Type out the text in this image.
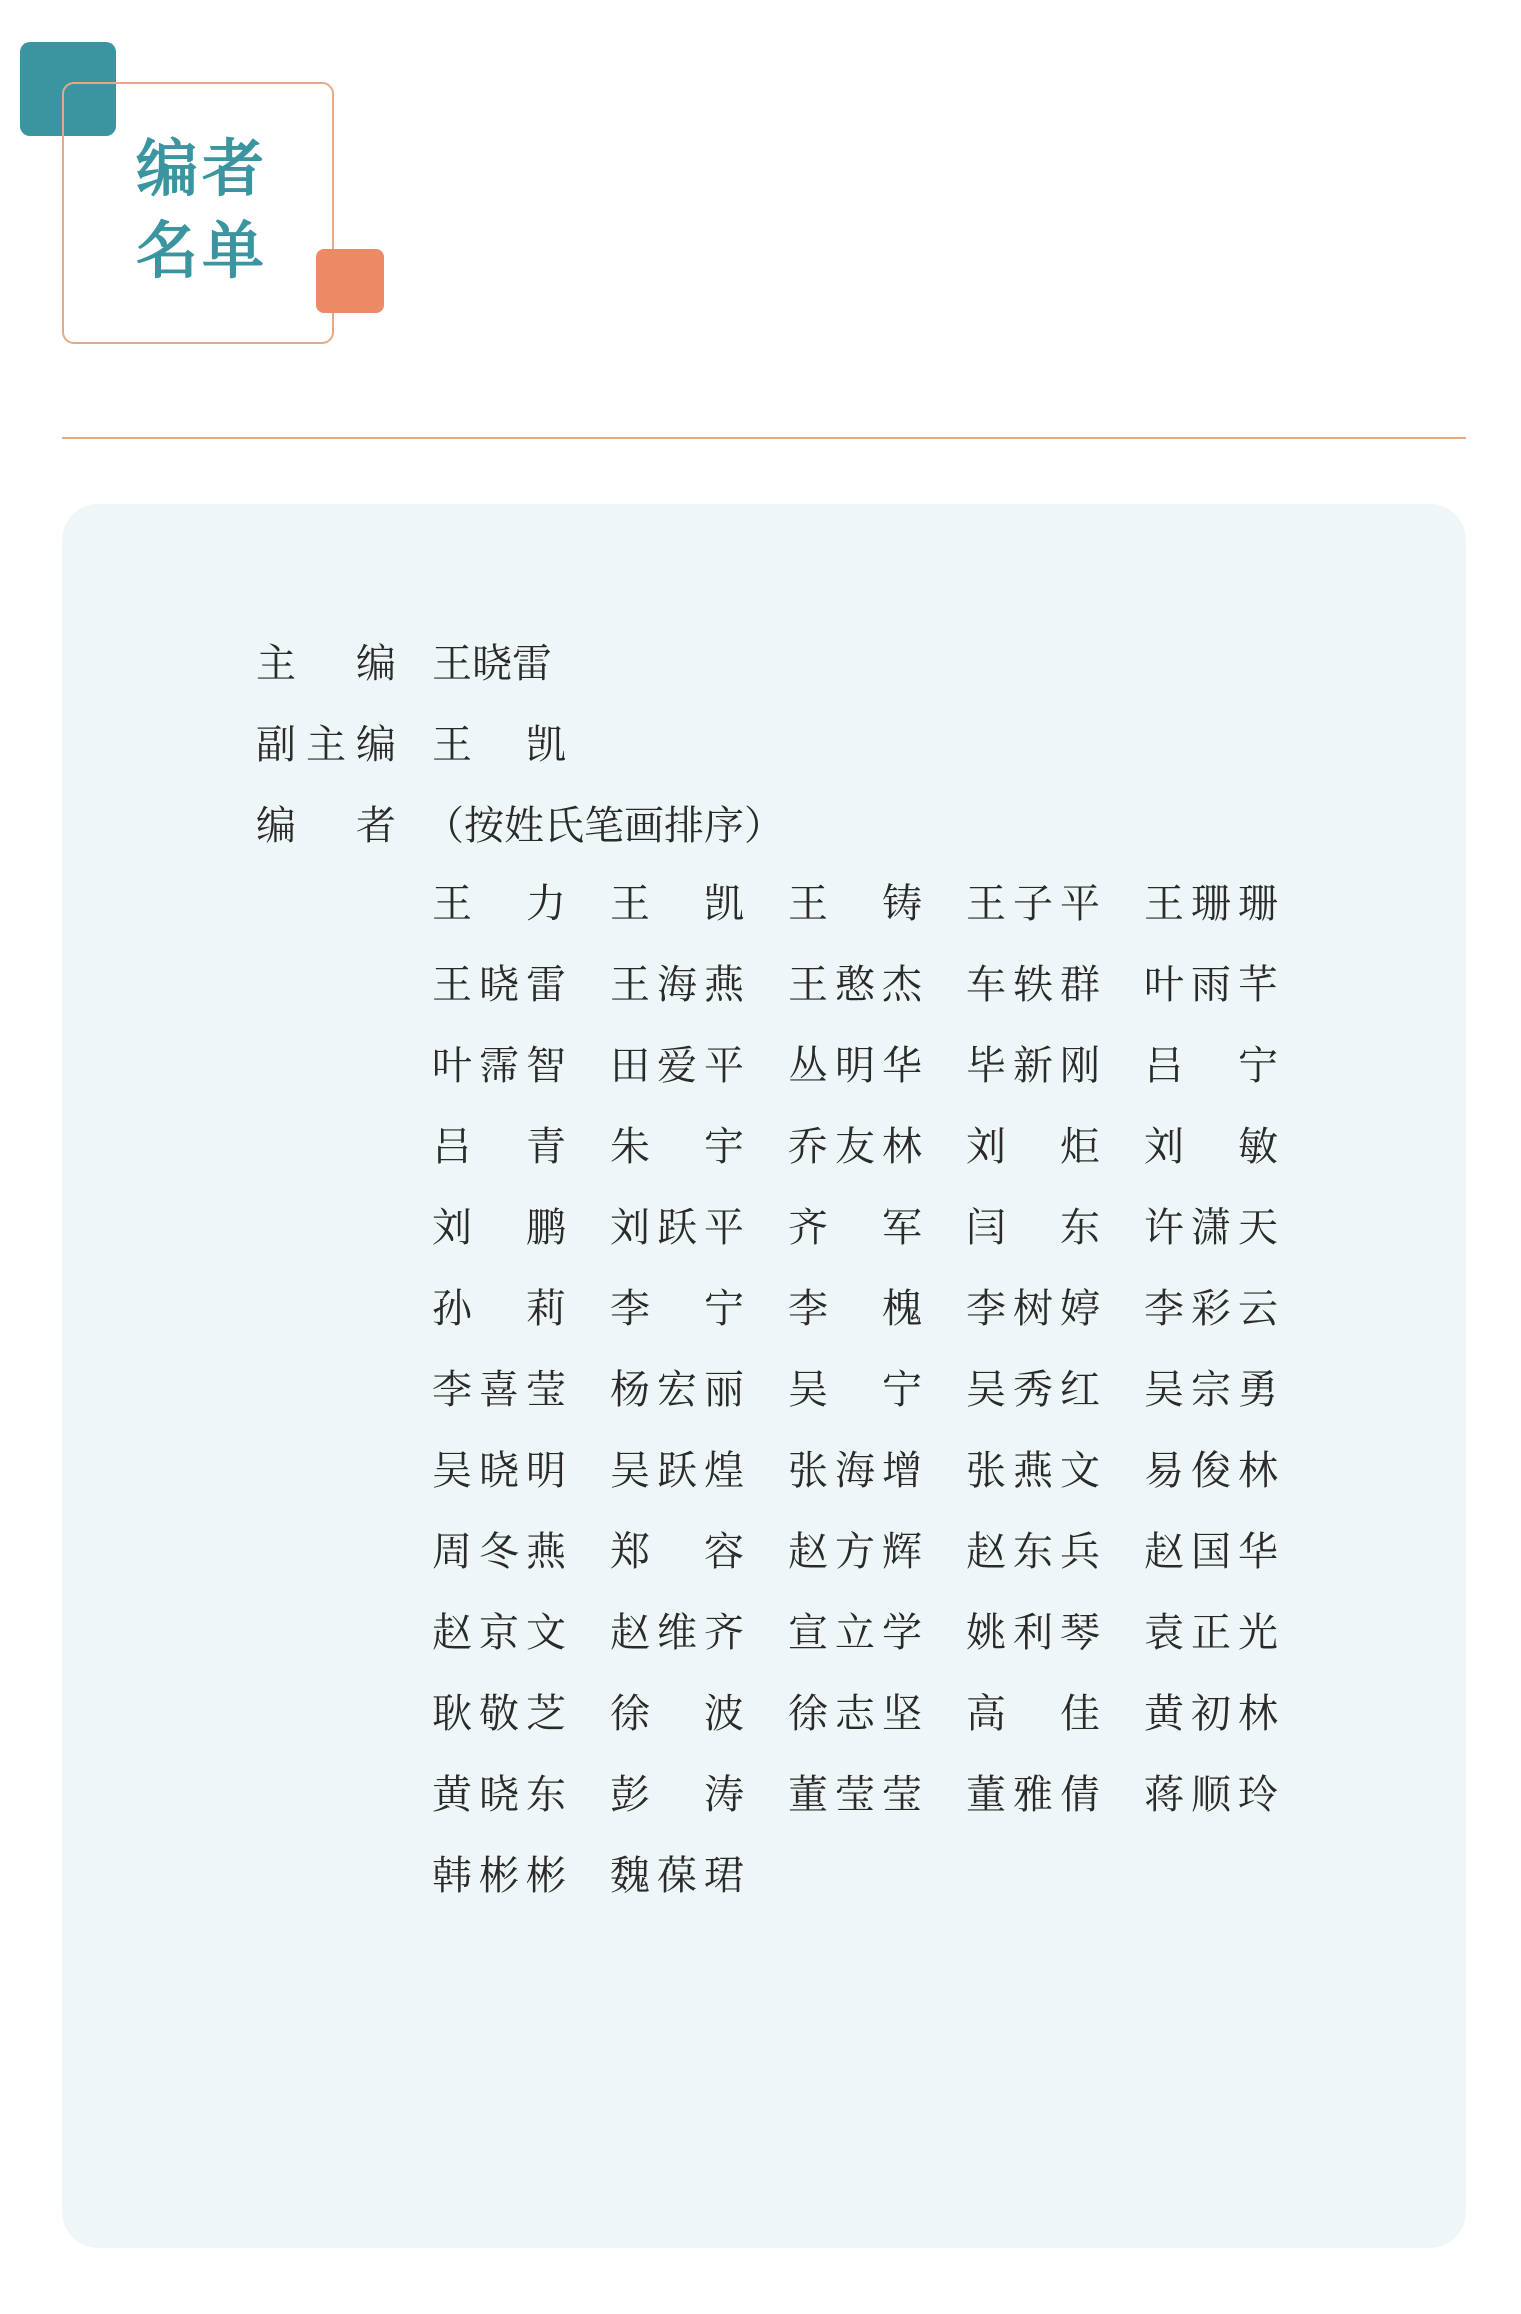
编者
名单
主编 王晓雷
副主编 王凯
编者 （按姓氏笔画排序）
王力 王凯 王铸 王子平 王珊珊
王晓雷 王海燕 王憨杰 车轶群 叶雨芊
叶霈智 田爱平 丛明华 毕新刚 吕宁
吕青 朱宇 乔友林 刘炬 刘敏
刘鹏 刘跃平 齐军 闫东 许潇天
孙莉 李宁 李槐 李树婷 李彩云
李喜莹 杨宏丽 吴宁 吴秀红 吴宗勇
吴晓明 吴跃煌 张海增 张燕文 易俊林
周冬燕 郑容 赵方辉 赵东兵 赵国华
赵京文 赵维齐 宣立学 姚利琴 袁正光
耿敬芝 徐波 徐志坚 高佳 黄初林
黄晓东 彭涛 董莹莹 董雅倩 蒋顺玲
韩彬彬 魏葆珺
